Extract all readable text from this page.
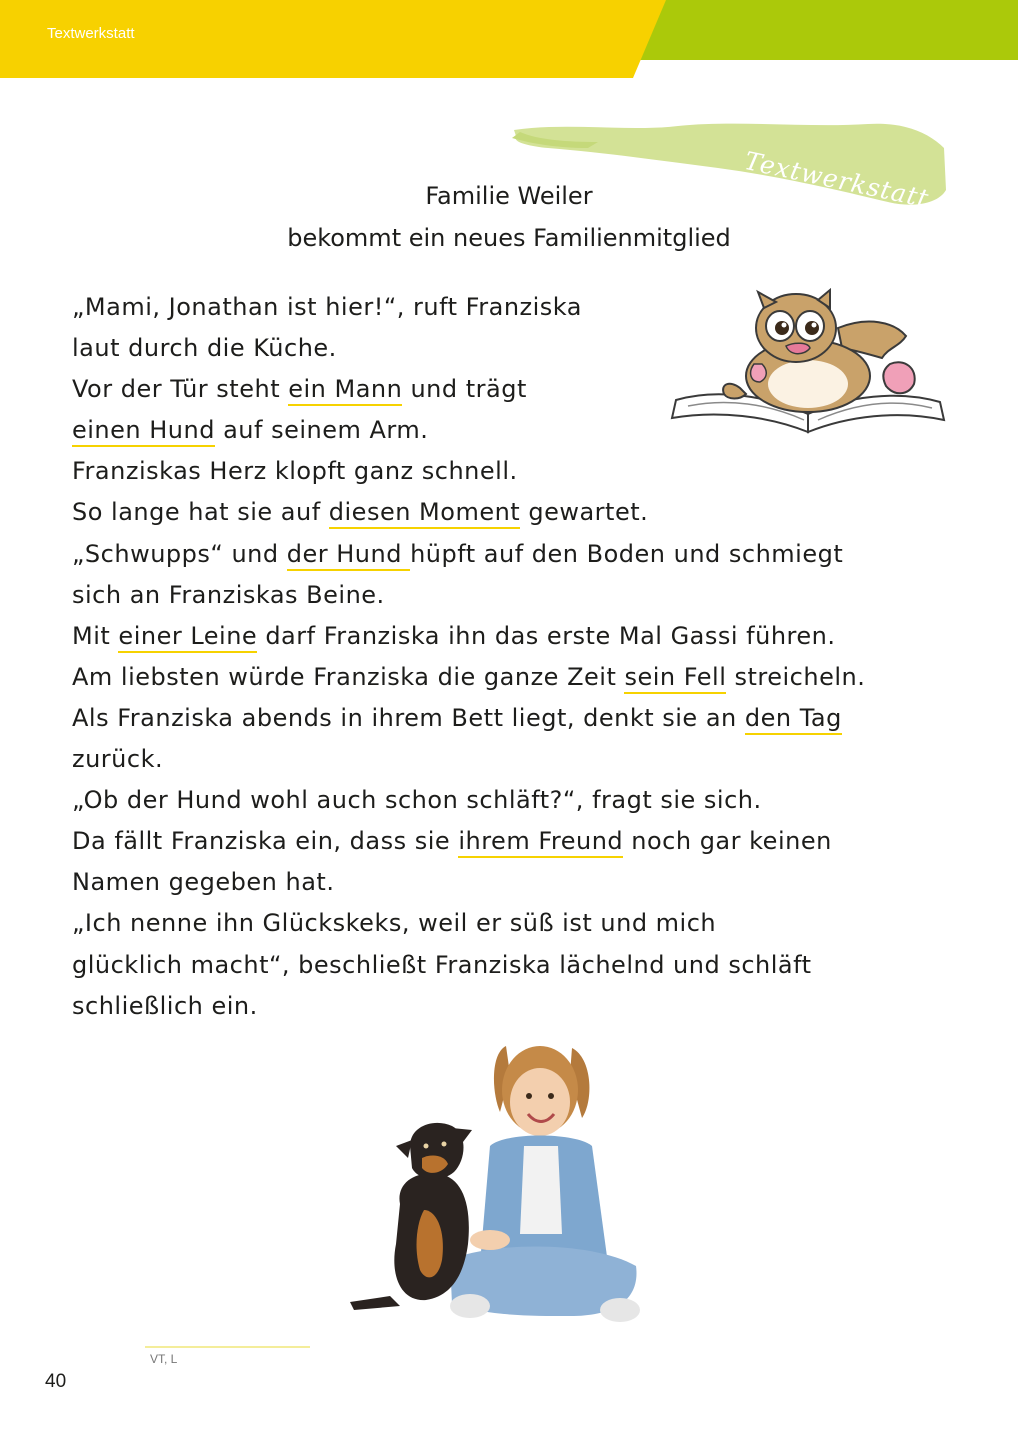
Textwerkstatt
Textwerkstatt
Familie Weiler
bekommt ein neues Familienmitglied
„Mami, Jonathan ist hier!“, ruft Franziska
laut durch die Küche.
Vor der Tür steht ein Mann und trägt
einen Hund auf seinem Arm.
Franziskas Herz klopft ganz schnell.
So lange hat sie auf diesen Moment gewartet.
„Schwupps“ und der Hund hüpft auf den Boden und schmiegt
sich an Franziskas Beine.
Mit einer Leine darf Franziska ihn das erste Mal Gassi führen.
Am liebsten würde Franziska die ganze Zeit sein Fell streicheln.
Als Franziska abends in ihrem Bett liegt, denkt sie an den Tag
zurück.
„Ob der Hund wohl auch schon schläft?“, fragt sie sich.
Da fällt Franziska ein, dass sie ihrem Freund noch gar keinen
Namen gegeben hat.
„Ich nenne ihn Glückskeks, weil er süß ist und mich
glücklich macht“, beschließt Franziska lächelnd und schläft
schließlich ein.
VT, L
40
